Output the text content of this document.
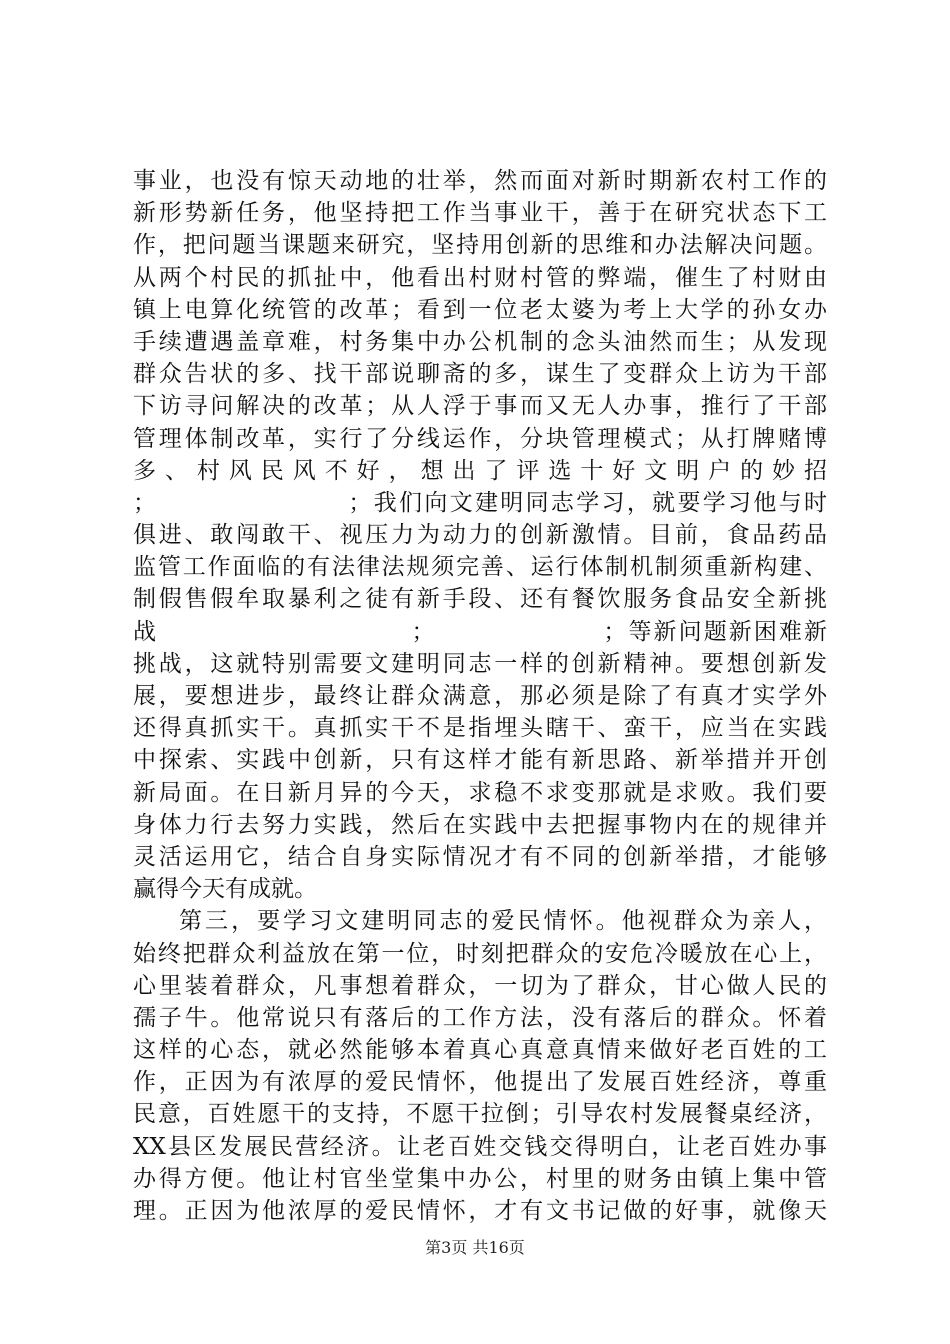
事业，也没有惊天动地的壮举，然而面对新时期新农村工作的
新形势新任务，他坚持把工作当事业干，善于在研究状态下工
作，把问题当课题来研究，坚持用创新的思维和办法解决问题。
从两个村民的抓扯中，他看出村财村管的弊端，催生了村财由
镇上电算化统管的改革；看到一位老太婆为考上大学的孙女办
手续遭遇盖章难，村务集中办公机制的念头油然而生；从发现
群众告状的多、找干部说聊斋的多，谋生了变群众上访为干部
下访寻问解决的改革；从人浮于事而又无人办事，推行了干部
管理体制改革，实行了分线运作，分块管理模式；从打牌赌博
多、村风民风不好，想出了评选十好文明户的妙招
；                    ；我们向文建明同志学习，就要学习他与时
俱进、敢闯敢干、视压力为动力的创新激情。目前，食品药品
监管工作面临的有法律法规须完善、运行体制机制须重新构建、
制假售假牟取暴利之徒有新手段、还有餐饮服务食品安全新挑
战                           ；                  ；等新问题新困难新
挑战，这就特别需要文建明同志一样的创新精神。要想创新发
展，要想进步，最终让群众满意，那必须是除了有真才实学外
还得真抓实干。真抓实干不是指埋头瞎干、蛮干，应当在实践
中探索、实践中创新，只有这样才能有新思路、新举措并开创
新局面。在日新月异的今天，求稳不求变那就是求败。我们要
身体力行去努力实践，然后在实践中去把握事物内在的规律并
灵活运用它，结合自身实际情况才有不同的创新举措，才能够
赢得今天有成就。
第三，要学习文建明同志的爱民情怀。他视群众为亲人，
始终把群众利益放在第一位，时刻把群众的安危冷暖放在心上，
心里装着群众，凡事想着群众，一切为了群众，甘心做人民的
孺子牛。他常说只有落后的工作方法，没有落后的群众。怀着
这样的心态，就必然能够本着真心真意真情来做好老百姓的工
作，正因为有浓厚的爱民情怀，他提出了发展百姓经济，尊重
民意，百姓愿干的支持，不愿干拉倒；引导农村发展餐桌经济，
XX县区发展民营经济。让老百姓交钱交得明白，让老百姓办事
办得方便。他让村官坐堂集中办公，村里的财务由镇上集中管
理。正因为他浓厚的爱民情怀，才有文书记做的好事，就像天
第3页 共16页
